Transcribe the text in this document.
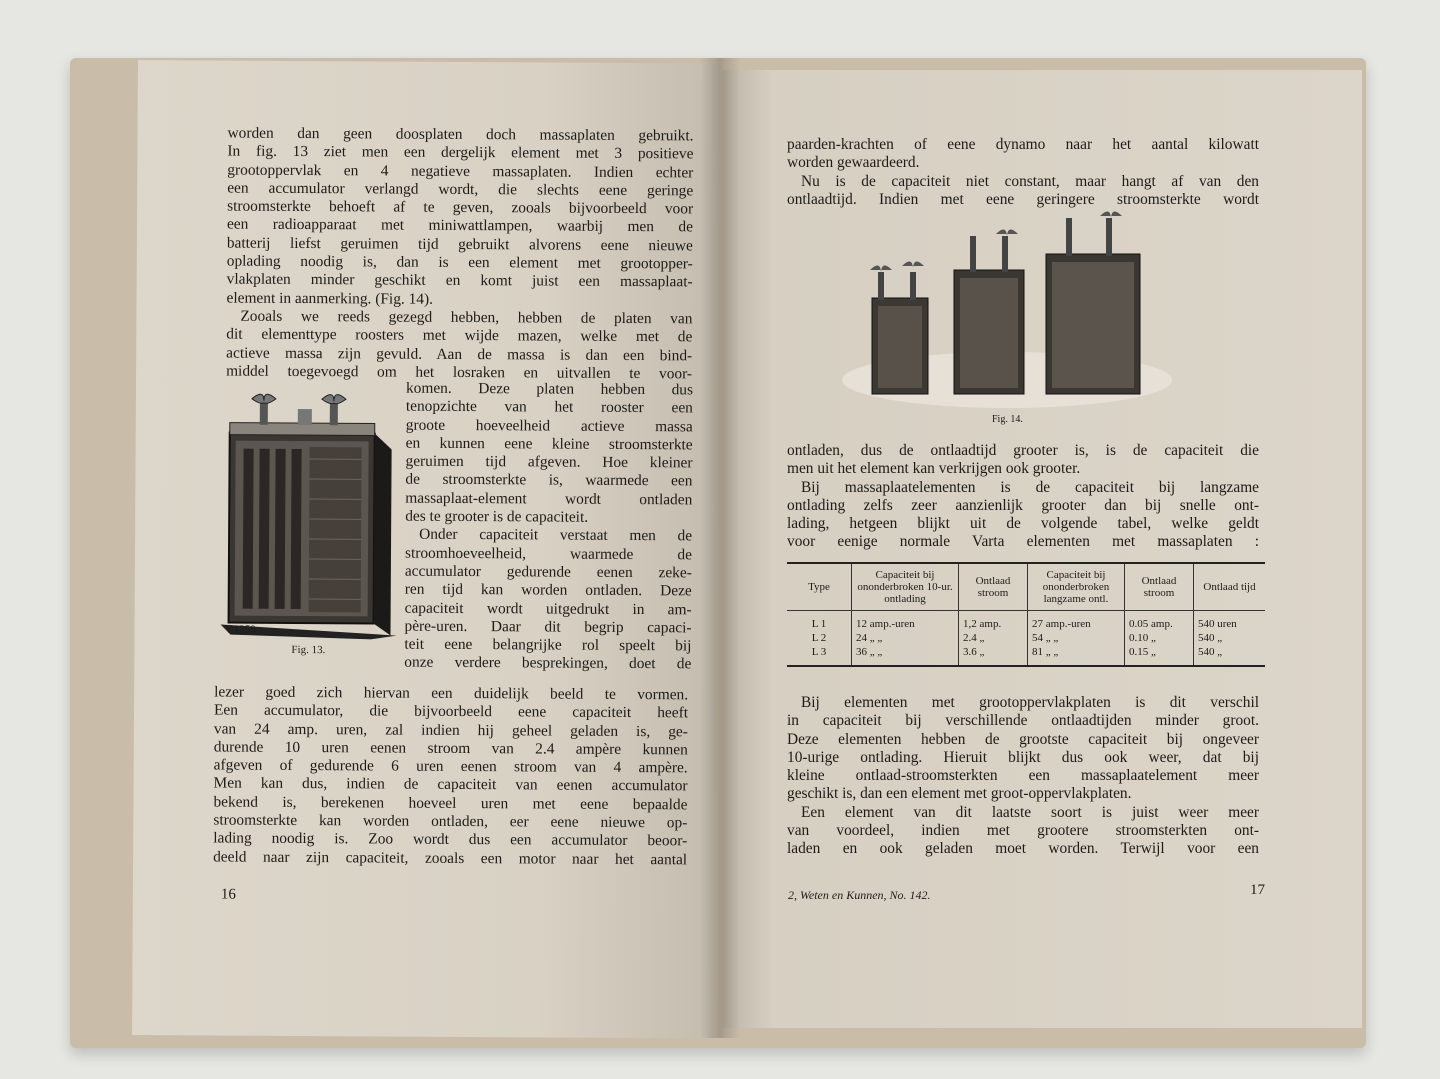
worden dan geen doosplaten doch massaplaten gebruikt.

In fig. 13 ziet men een dergelijk element met 3 positieve

grootoppervlak en 4 negatieve massaplaten. Indien echter

een accumulator verlangd wordt, die slechts eene geringe

stroomsterkte behoeft af te geven, zooals bijvoorbeeld voor

een radioapparaat met miniwattlampen, waarbij men de

batterij liefst geruimen tijd gebruikt alvorens eene nieuwe

oplading noodig is, dan is een element met grootopper-

vlakplaten minder geschikt en komt juist een massaplaat-

element in aanmerking. (Fig. 14).

Zooals we reeds gezegd hebben, hebben de platen van

dit elementtype roosters met wijde mazen, welke met de

actieve massa zijn gevuld. Aan de massa is dan een bind-

middel toegevoegd om het losraken en uitvallen te voor-

V.1259
Fig. 13.

komen. Deze platen hebben dus

tenopzichte van het rooster een

groote hoeveelheid actieve massa

en kunnen eene kleine stroomsterkte

geruimen tijd afgeven. Hoe kleiner

de stroomsterkte is, waarmede een

massaplaat-element wordt ontladen

des te grooter is de capaciteit.

Onder capaciteit verstaat men de

stroomhoeveelheid, waarmede de

accumulator gedurende eenen zeke-

ren tijd kan worden ontladen. Deze

capaciteit wordt uitgedrukt in am-

père-uren. Daar dit begrip capaci-

teit eene belangrijke rol speelt bij

onze verdere besprekingen, doet de

lezer goed zich hiervan een duidelijk beeld te vormen.

Een accumulator, die bijvoorbeeld eene capaciteit heeft

van 24 amp. uren, zal indien hij geheel geladen is, ge-

durende 10 uren eenen stroom van 2.4 ampère kunnen

afgeven of gedurende 6 uren eenen stroom van 4 ampère.

Men kan dus, indien de capaciteit van eenen accumulator

bekend is, berekenen hoeveel uren met eene bepaalde

stroomsterkte kan worden ontladen, eer eene nieuwe op-

lading noodig is. Zoo wordt dus een accumulator beoor-

deeld naar zijn capaciteit, zooals een motor naar het aantal

16

paarden-krachten of eene dynamo naar het aantal kilowatt

worden gewaardeerd.

Nu is de capaciteit niet constant, maar hangt af van den

ontlaadtijd. Indien met eene geringere stroomsterkte wordt

Fig. 14.

ontladen, dus de ontlaadtijd grooter is, is de capaciteit die

men uit het element kan verkrijgen ook grooter.

Bij massaplaatelementen is de capaciteit bij langzame

ontlading zelfs zeer aanzienlijk grooter dan bij snelle ont-

lading, hetgeen blijkt uit de volgende tabel, welke geldt

voor eenige normale Varta elementen met massaplaten :

Type	Capaciteit bij ononderbroken 10-ur. ontlading	Ontlaad stroom	Capaciteit bij ononderbroken langzame ontl.	Ontlaad stroom	Ontlaad tijd
L 1	12 amp.-uren	1,2 amp.	27 amp.-uren	0.05 amp.	540 uren
L 2	24 „ „	2.4 „	54 „ „	0.10 „	540 „
L 3	36 „ „	3.6 „	81 „ „	0.15 „	540 „

Bij elementen met grootoppervlakplaten is dit verschil

in capaciteit bij verschillende ontlaadtijden minder groot.

Deze elementen hebben de grootste capaciteit bij ongeveer

10-urige ontlading. Hieruit blijkt dus ook weer, dat bij

kleine ontlaad-stroomsterkten een massaplaatelement meer

geschikt is, dan een element met groot-oppervlakplaten.

Een element van dit laatste soort is juist weer meer

van voordeel, indien met grootere stroomsterkten ont-

laden en ook geladen moet worden. Terwijl voor een

2, Weten en Kunnen, No. 142.	17
